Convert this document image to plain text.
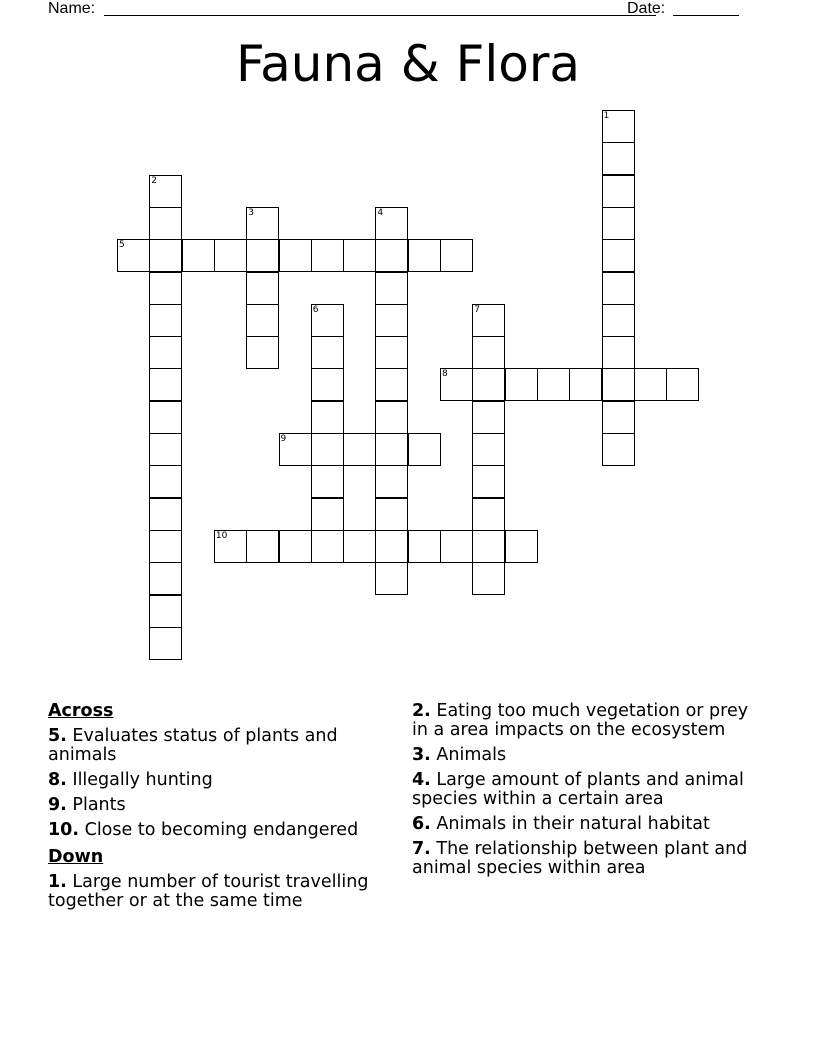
Name:	Date:
Fauna & Flora
1
2
3	4
5
6	7
8
9
10
Across
5. Evaluates status of plants and animals
8. Illegally hunting
9. Plants
10. Close to becoming endangered
Down
1. Large number of tourist travelling together or at the same time
2. Eating too much vegetation or prey in a area impacts on the ecosystem
3. Animals
4. Large amount of plants and animal species within a certain area
6. Animals in their natural habitat
7. The relationship between plant and animal species within area
